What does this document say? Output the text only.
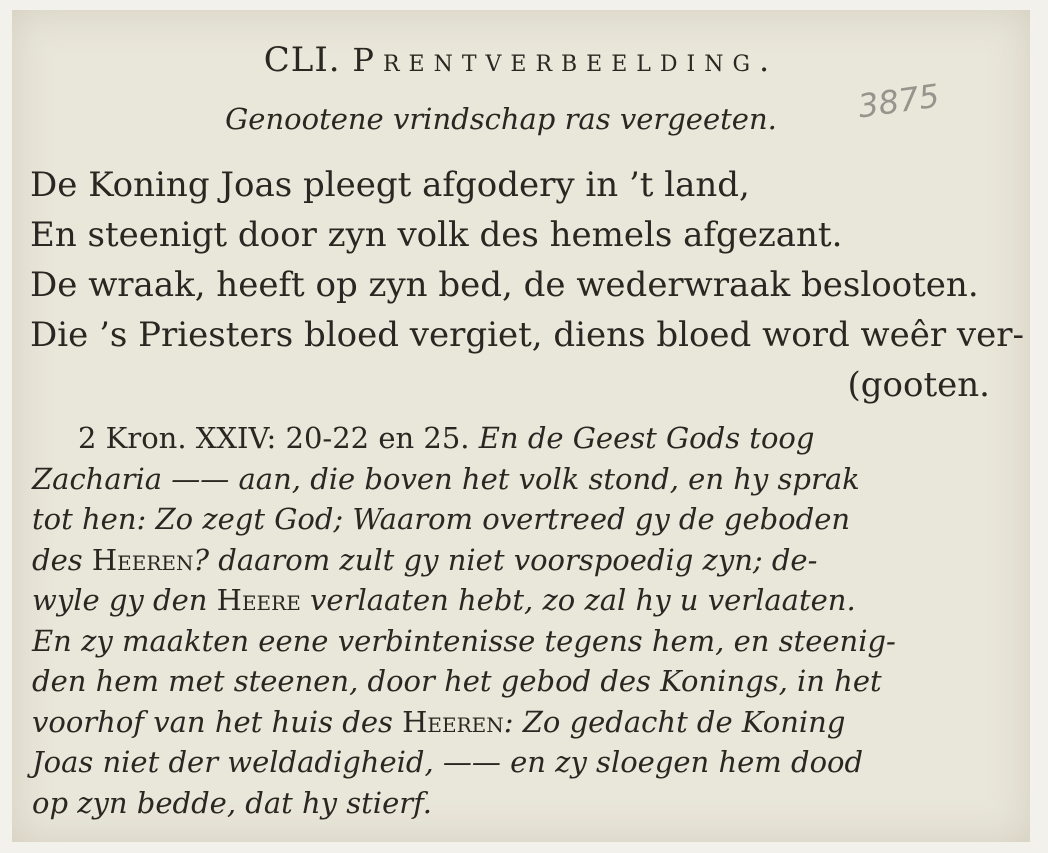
CLI. Prentverbeelding.
Genootene vrindschap ras vergeeten.	3875
De Koning Joas pleegt afgodery in ’t land,
En steenigt door zyn volk des hemels afgezant.
De wraak, heeft op zyn bed, de wederwraak beslooten.
Die ’s Priesters bloed vergiet, diens bloed word weêr ver-
(gooten.
2 Kron. XXIV: 20-22 en 25. En de Geest Gods toog
Zacharia —— aan, die boven het volk stond, en hy sprak
tot hen: Zo zegt God; Waarom overtreed gy de geboden
des Heeren? daarom zult gy niet voorspoedig zyn; de-
wyle gy den Heere verlaaten hebt, zo zal hy u verlaaten.
En zy maakten eene verbintenisse tegens hem, en steenig-
den hem met steenen, door het gebod des Konings, in het
voorhof van het huis des Heeren: Zo gedacht de Koning
Joas niet der weldadigheid, —— en zy sloegen hem dood
op zyn bedde, dat hy stierf.
